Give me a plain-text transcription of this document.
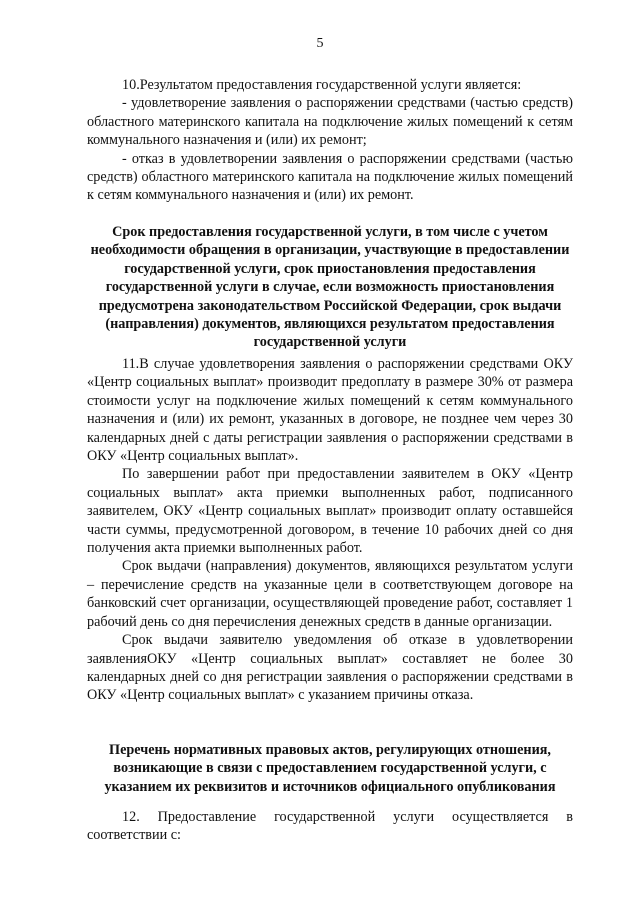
5

10.Результатом предоставления государственной услуги является:

- удовлетворение заявления о распоряжении средствами (частью средств) областного материнского капитала на подключение жилых помещений к сетям коммунального назначения и (или) их ремонт;

- отказ в удовлетворении заявления о распоряжении средствами (частью средств) областного материнского капитала на подключение жилых помещений к сетям коммунального назначения и (или) их ремонт.

Срок предоставления государственной услуги, в том числе с учетом необходимости обращения в организации, участвующие в предоставлении государственной услуги, срок приостановления предоставления государственной услуги в случае, если возможность приостановления предусмотрена законодательством Российской Федерации, срок выдачи (направления) документов, являющихся результатом предоставления государственной услуги

11.В случае удовлетворения заявления о распоряжении средствами ОКУ «Центр социальных выплат» производит предоплату в размере 30% от размера стоимости услуг на подключение жилых помещений к сетям коммунального назначения и (или) их ремонт, указанных в договоре, не позднее чем через 30 календарных дней с даты регистрации заявления о распоряжении средствами в ОКУ «Центр социальных выплат».

По завершении работ при предоставлении заявителем в ОКУ «Центр социальных выплат» акта приемки выполненных работ, подписанного заявителем, ОКУ «Центр социальных выплат» производит оплату оставшейся части суммы, предусмотренной договором, в течение 10 рабочих дней со дня получения акта приемки выполненных работ.

Срок выдачи (направления) документов, являющихся результатом услуги – перечисление средств на указанные цели в соответствующем договоре на банковский счет организации, осуществляющей проведение работ, составляет 1 рабочий день со дня перечисления денежных средств в данные организации.

Срок выдачи заявителю уведомления об отказе в удовлетворении заявленияОКУ «Центр социальных выплат» составляет не более 30 календарных дней со дня регистрации заявления о распоряжении средствами в ОКУ «Центр социальных выплат» с указанием причины отказа.

Перечень нормативных правовых актов, регулирующих отношения, возникающие в связи с предоставлением государственной услуги, с указанием их реквизитов и источников официального опубликования

12. Предоставление государственной услуги осуществляется в соответствии с:
